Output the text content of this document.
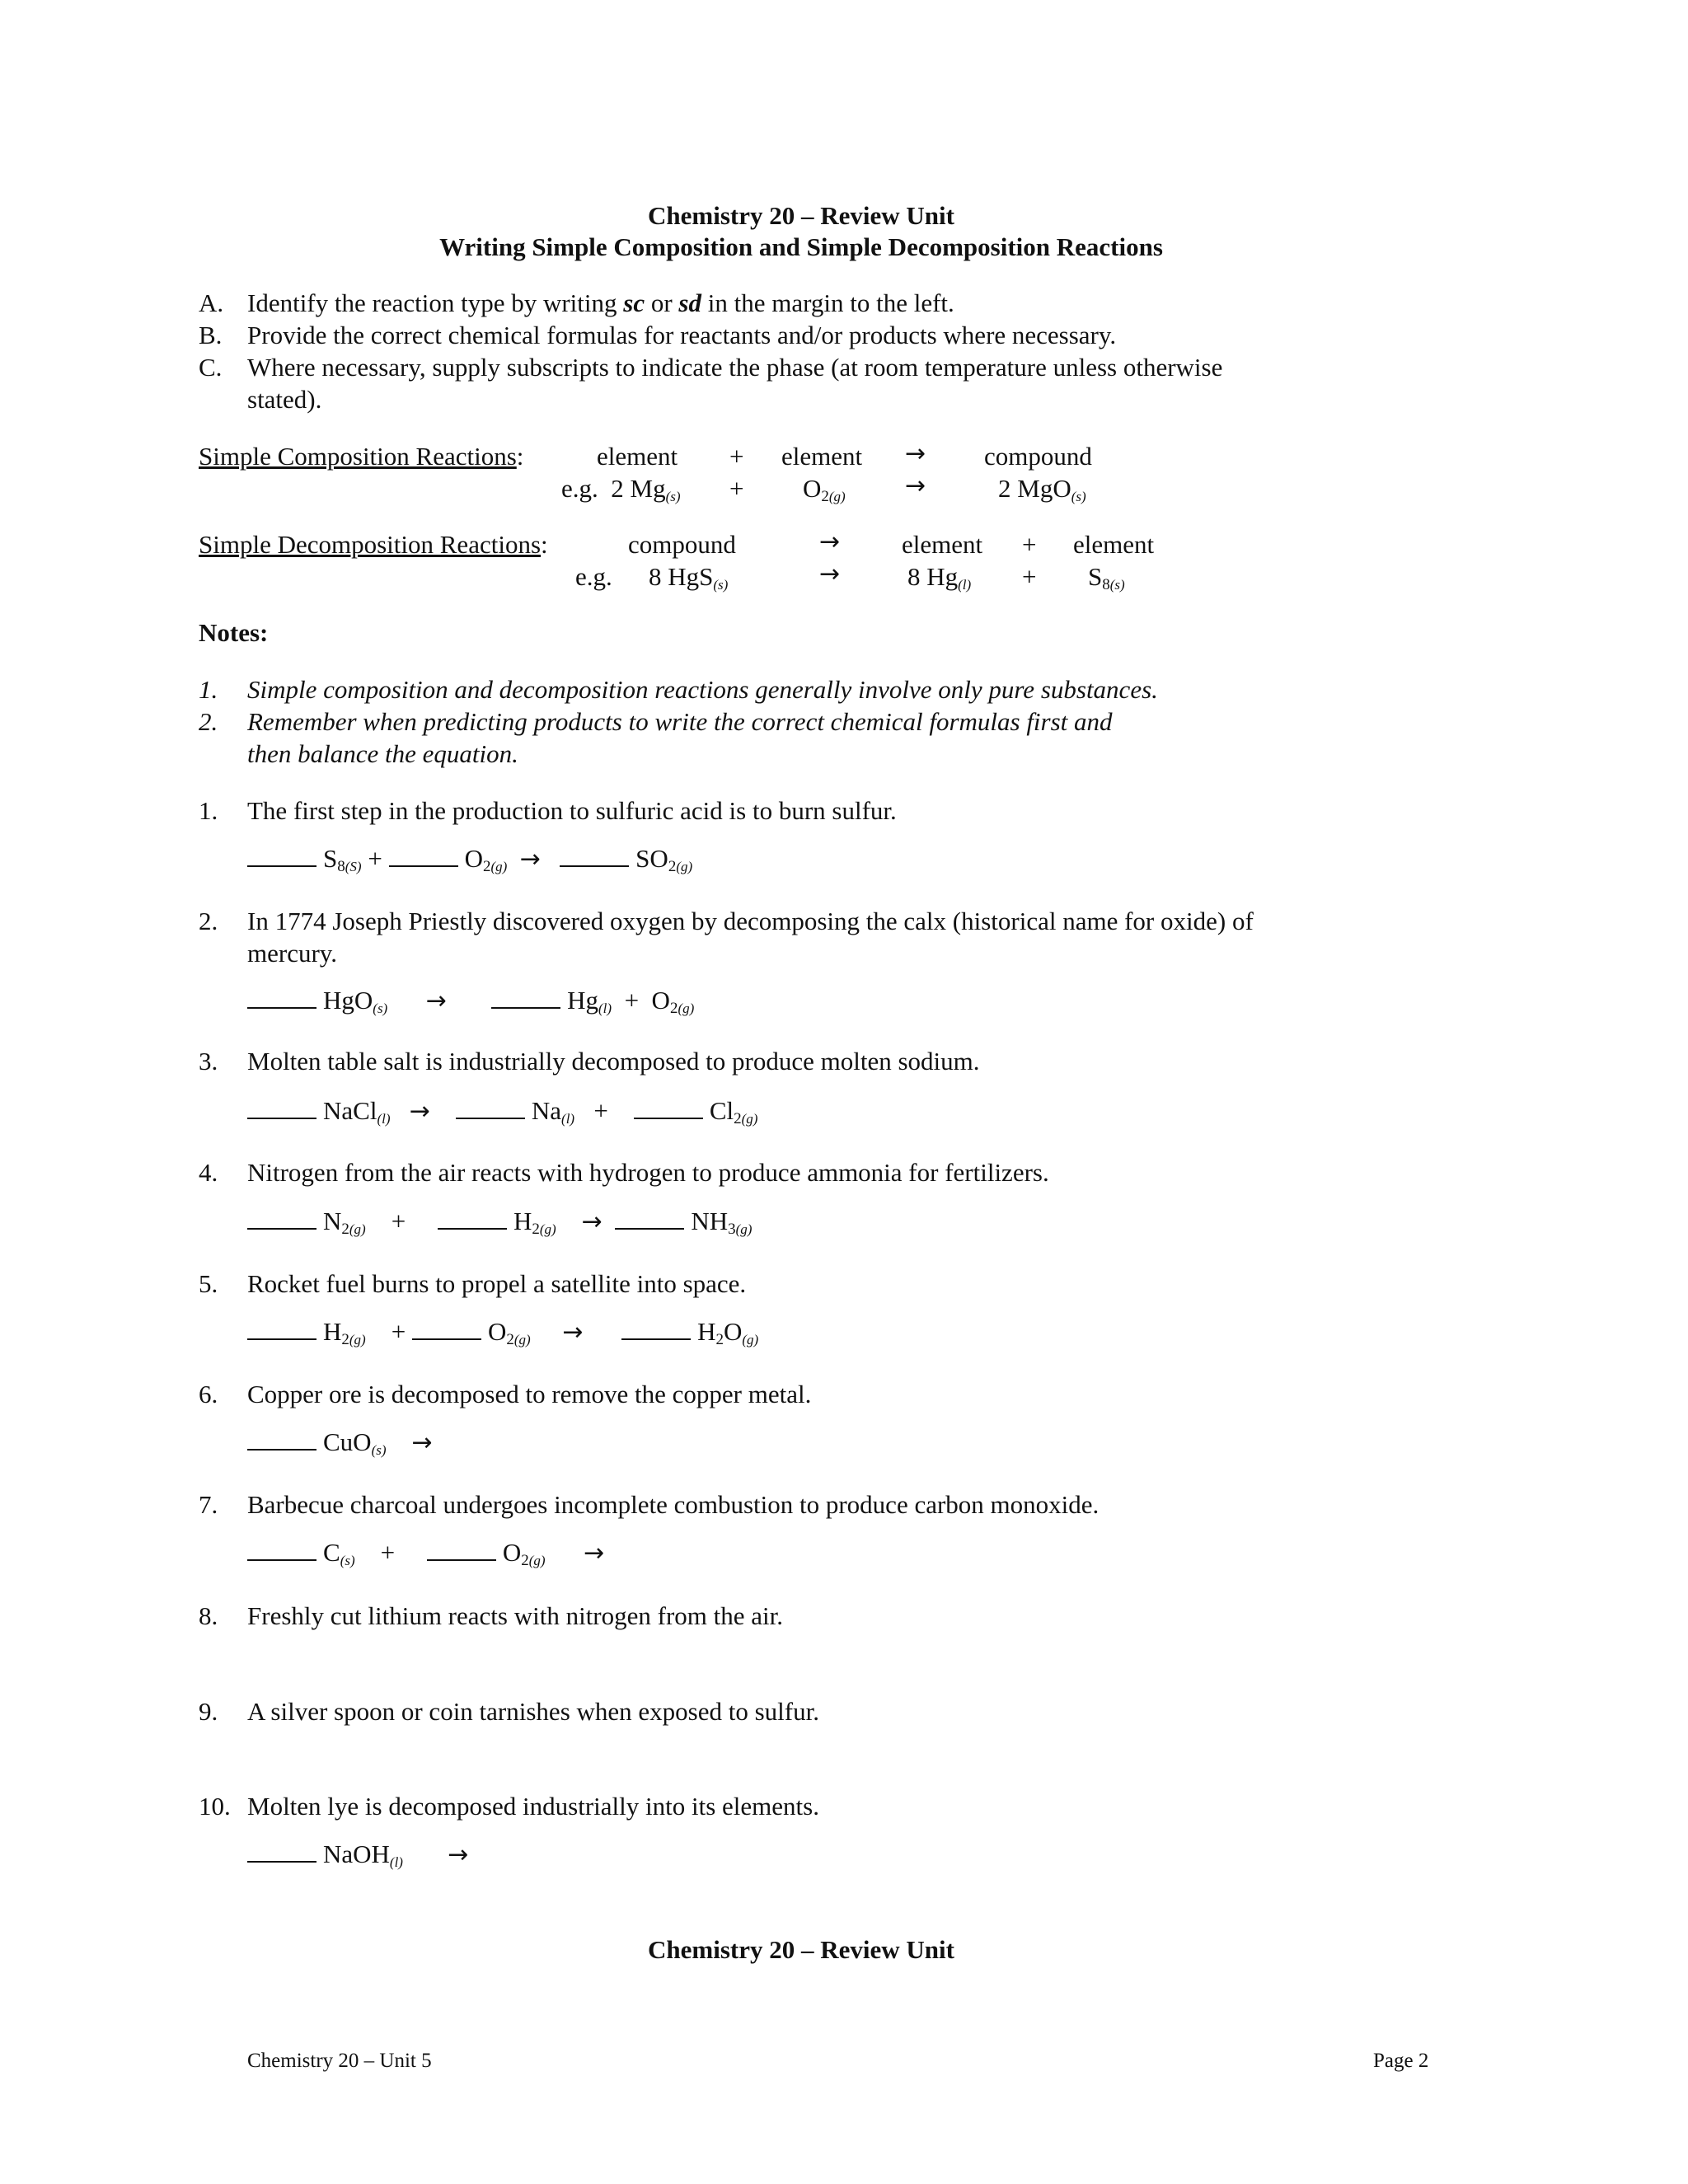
Chemistry 20 – Review Unit
Writing Simple Composition and Simple Decomposition Reactions
A. Identify the reaction type by writing sc or sd in the margin to the left.
B. Provide the correct chemical formulas for reactants and/or products where necessary.
C. Where necessary, supply subscripts to indicate the phase (at room temperature unless otherwise
stated).
Simple Composition Reactions:	element + element → compound
e.g. 2 $Mg_{(s)} + O_{2(g)}$ →	2 MgO$_{(s)}$
Simple Decomposition Reactions:	compound	→ element + element
e.g. 8 HgS$_{(s)}$	→	8 $Hg_{(l)} + S_{8(s)}$
Notes:
1. Simple composition and decomposition reactions generally involve only pure substances.
2. Remember when predicting products to write the correct chemical formulas first and
then balance the equation.
1. The first step in the production to sulfuric acid is to burn sulfur.
$S_{8(S)}$ +	$O_{2(g)}$ →	$SO_{2(g)}$
2. In 1774 Joseph Priestly discovered oxygen by decomposing the calx (historical name for oxide) of
mercury.
HgO$_{(s)}$ →	$Hg_{(l)} + O_{2(g)}$
3. Molten table salt is industrially decomposed to produce molten sodium.
NaCl$_{(l)}$ →	$Na_{(l)}$ +	$Cl_{2(g)}$
4. Nitrogen from the air reacts with hydrogen to produce ammonia for fertilizers.
$N_{2(g)}$ +	$H_{2(g)}$ →	$NH_{3(g)}$
5. Rocket fuel burns to propel a satellite into space.
$H_{2(g)}$ +	$O_{2(g)}$ →	$H_2O_{(g)}$
6. Copper ore is decomposed to remove the copper metal.
CuO$_{(s)}$ →
7. Barbecue charcoal undergoes incomplete combustion to produce carbon monoxide.
$C_{(s)}$ +	$O_{2(g)}$ →
8. Freshly cut lithium reacts with nitrogen from the air.
9. A silver spoon or coin tarnishes when exposed to sulfur.
10. Molten lye is decomposed industrially into its elements.
NaOH$_{(l)}$ →
Chemistry 20 – Review Unit
Chemistry 20 – Unit 5	Page 2
